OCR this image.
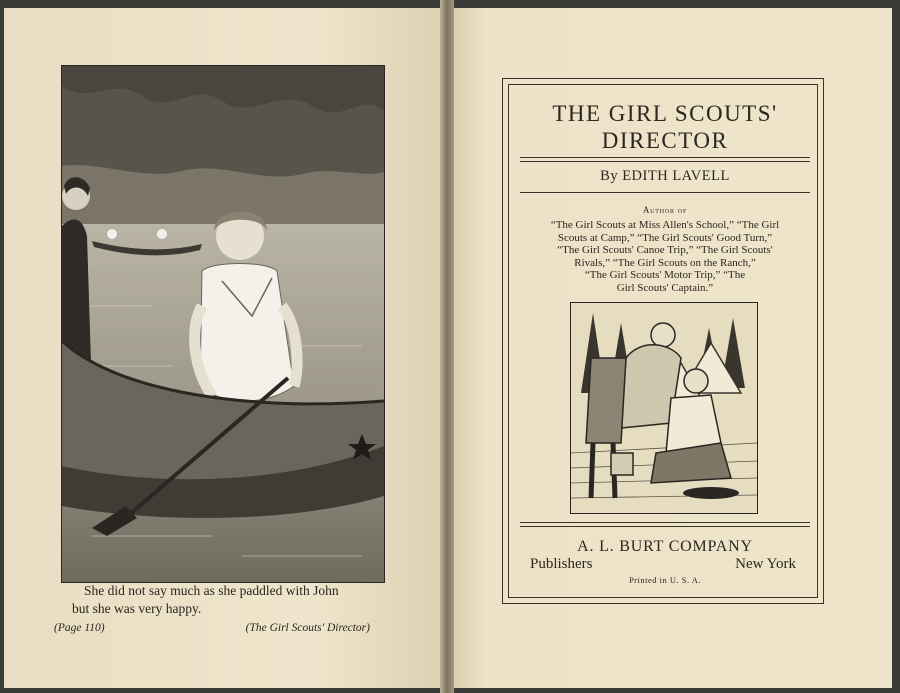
She did not say much as she paddled with John
but she was very happy.
(Page 110)	(The Girl Scouts' Director)
THE GIRL SCOUTS'
DIRECTOR
By EDITH LAVELL
Author of
“The Girl Scouts at Miss Allen's School,” “The Girl
Scouts at Camp,” “The Girl Scouts' Good Turn,”
“The Girl Scouts' Canoe Trip,” “The Girl Scouts'
Rivals,” “The Girl Scouts on the Ranch,”
“The Girl Scouts' Motor Trip,” “The
Girl Scouts' Captain.”
A. L. BURT COMPANY
Publishers	New York
Printed in U. S. A.
